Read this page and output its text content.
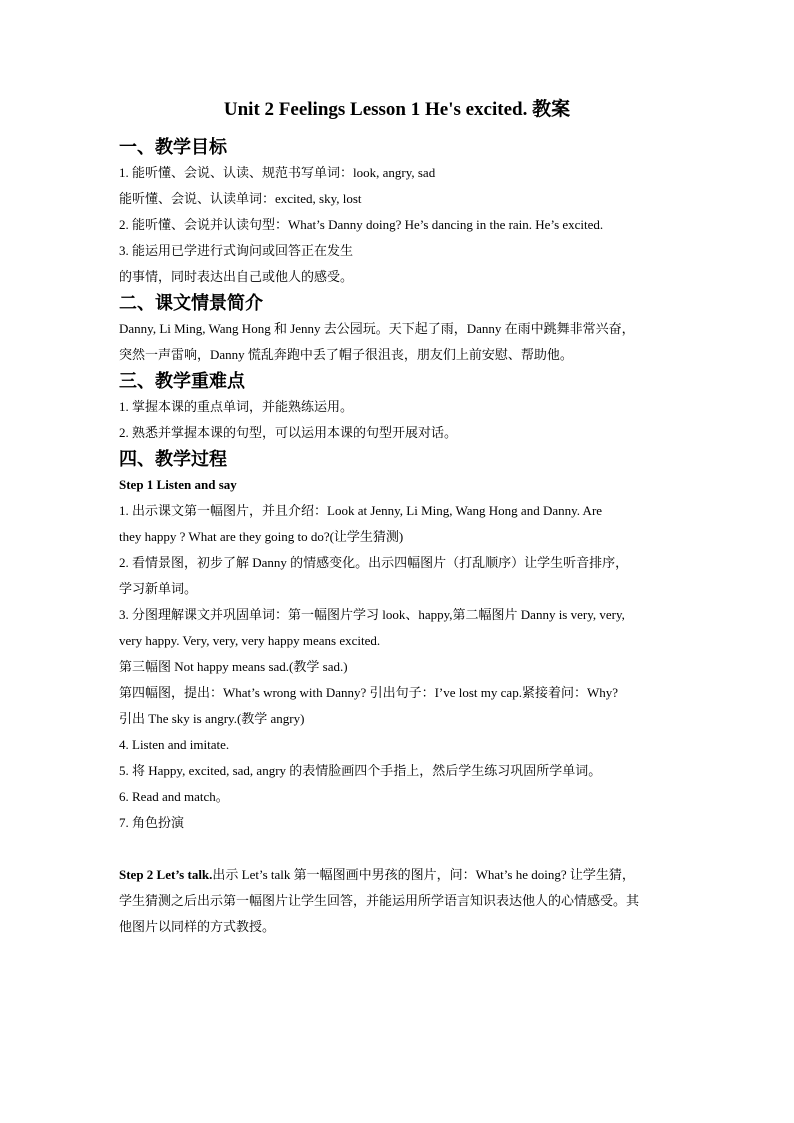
Unit 2 Feelings Lesson 1 He's excited. 教案
一、教学目标
1. 能听懂、会说、认读、规范书写单词：look, angry, sad
能听懂、会说、认读单词：excited, sky, lost
2. 能听懂、会说并认读句型：What’s Danny doing? He’s dancing in the rain. He’s excited.
3. 能运用已学进行式询问或回答正在发生
的事情，同时表达出自己或他人的感受。
二、课文情景简介
Danny, Li Ming, Wang Hong 和 Jenny 去公园玩。天下起了雨，Danny 在雨中跳舞非常兴奋，
突然一声雷响，Danny 慌乱奔跑中丢了帽子很沮丧，朋友们上前安慰、帮助他。
三、教学重难点
1. 掌握本课的重点单词，并能熟练运用。
2. 熟悉并掌握本课的句型，可以运用本课的句型开展对话。
四、教学过程
Step 1 Listen and say
1. 出示课文第一幅图片，并且介绍：Look at Jenny, Li Ming, Wang Hong and Danny. Are
they happy ? What are they going to do?(让学生猜测)
2. 看情景图，初步了解 Danny 的情感变化。出示四幅图片（打乱顺序）让学生听音排序，
学习新单词。
3. 分图理解课文并巩固单词：第一幅图片学习 look、happy,第二幅图片 Danny is very, very,
very happy. Very, very, very happy means excited.
第三幅图 Not happy means sad.(教学 sad.)
第四幅图，提出：What’s wrong with Danny? 引出句子：I’ve lost my cap.紧接着问：Why?
引出 The sky is angry.(教学 angry)
4. Listen and imitate.
5. 将 Happy, excited, sad, angry 的表情脸画四个手指上，然后学生练习巩固所学单词。
6. Read and match。
7. 角色扮演
Step 2 Let’s talk.出示 Let’s talk 第一幅图画中男孩的图片，问：What’s he doing? 让学生猜，
学生猜测之后出示第一幅图片让学生回答，并能运用所学语言知识表达他人的心情感受。其
他图片以同样的方式教授。
